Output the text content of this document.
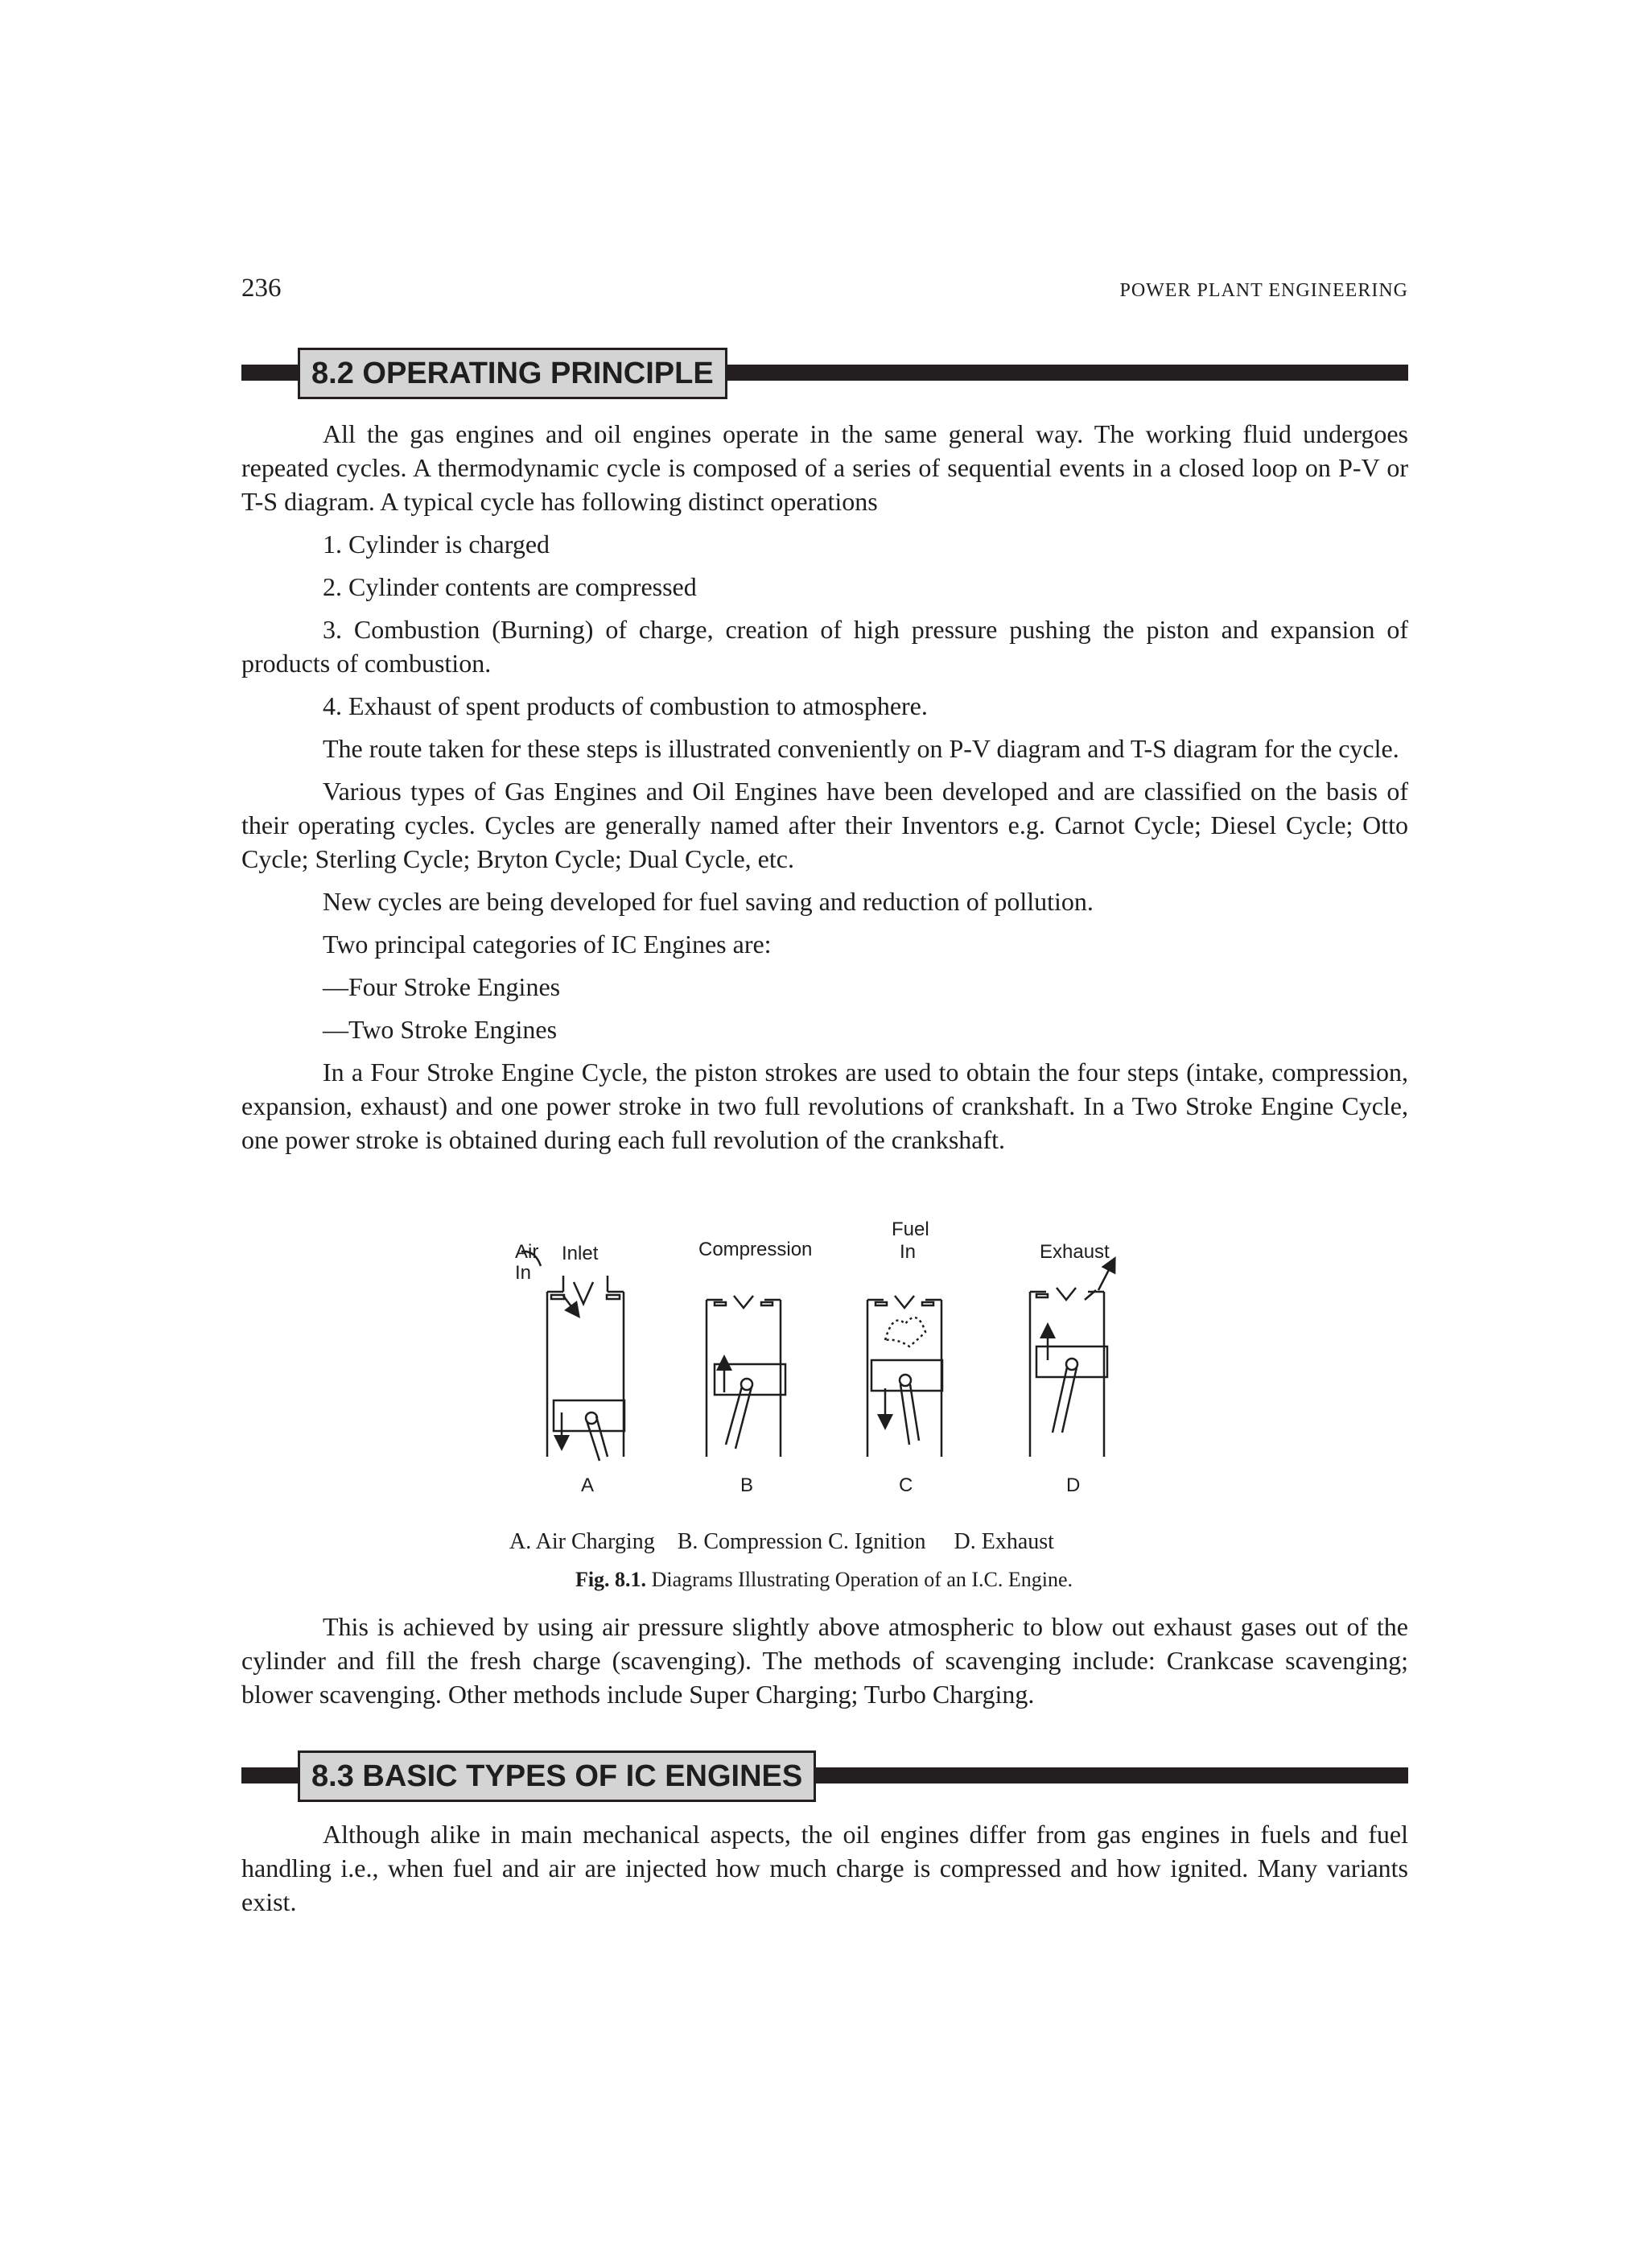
236	POWER PLANT ENGINEERING
8.2 OPERATING PRINCIPLE

All the gas engines and oil engines operate in the same general way. The working fluid undergoes repeated cycles. A thermodynamic cycle is composed of a series of sequential events in a closed loop on P-V or T-S diagram. A typical cycle has following distinct operations

1. Cylinder is charged

2. Cylinder contents are compressed

3. Combustion (Burning) of charge, creation of high pressure pushing the piston and expansion of products of combustion.

4. Exhaust of spent products of combustion to atmosphere.

The route taken for these steps is illustrated conveniently on P-V diagram and T-S diagram for the cycle.

Various types of Gas Engines and Oil Engines have been developed and are classified on the basis of their operating cycles. Cycles are generally named after their Inventors e.g. Carnot Cycle; Diesel Cycle; Otto Cycle; Sterling Cycle; Bryton Cycle; Dual Cycle, etc.

New cycles are being developed for fuel saving and reduction of pollution.

Two principal categories of IC Engines are:

—Four Stroke Engines

—Two Stroke Engines

In a Four Stroke Engine Cycle, the piston strokes are used to obtain the four steps (intake, compression, expansion, exhaust) and one power stroke in two full revolutions of crankshaft. In a Two Stroke Engine Cycle, one power stroke is obtained during each full revolution of the crankshaft.

Air
In
Inlet	Compression
Fuel
In	Exhaust
A	B	C	D
A. Air Charging    B. Compression C. Ignition     D. Exhaust
Fig. 8.1. Diagrams Illustrating Operation of an I.C. Engine.

This is achieved by using air pressure slightly above atmospheric to blow out exhaust gases out of the cylinder and fill the fresh charge (scavenging). The methods of scavenging include: Crankcase scavenging; blower scavenging. Other methods include Super Charging; Turbo Charging.

8.3 BASIC TYPES OF IC ENGINES

Although alike in main mechanical aspects, the oil engines differ from gas engines in fuels and fuel handling i.e., when fuel and air are injected how much charge is compressed and how ignited. Many variants exist.
